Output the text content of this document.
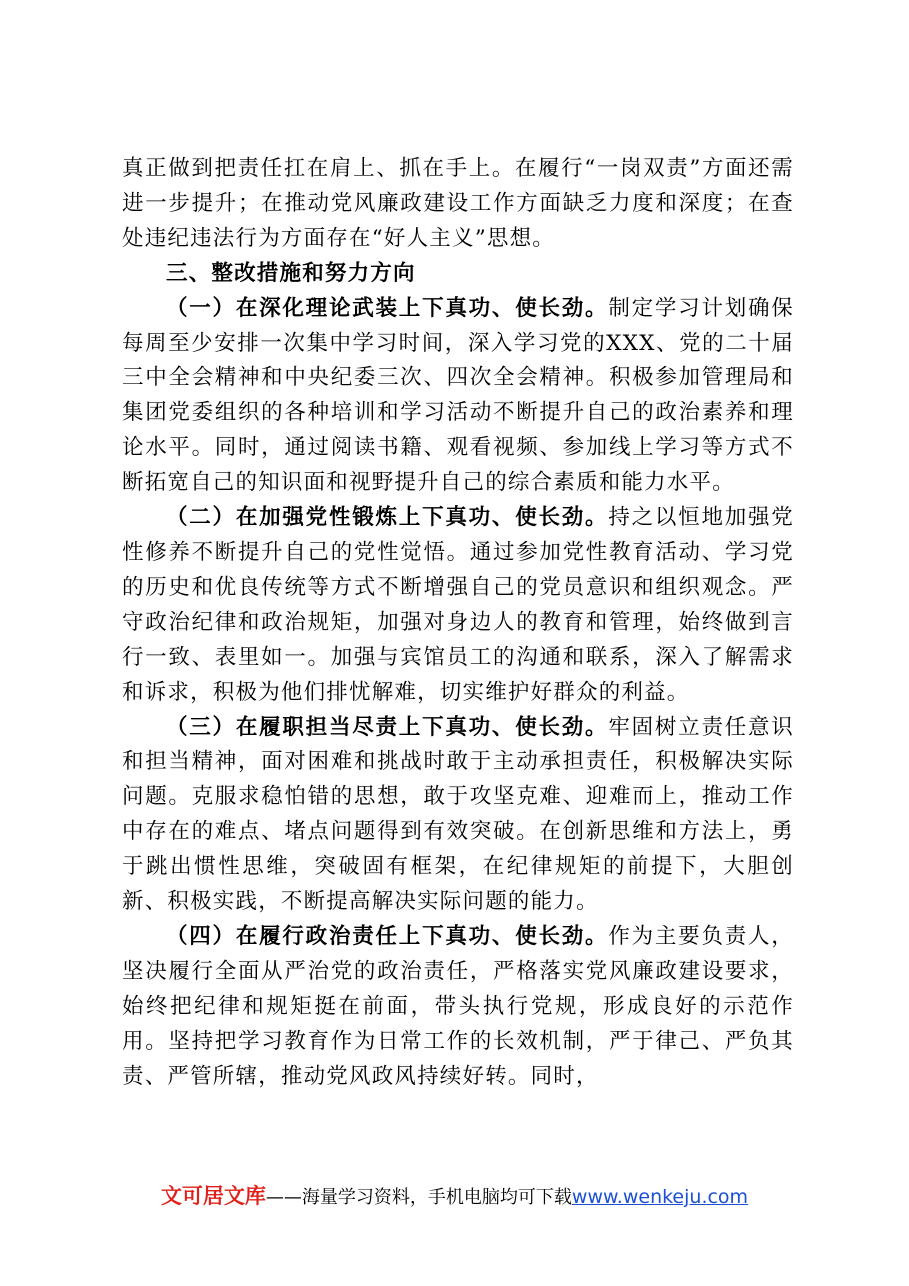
真正做到把责任扛在肩上、抓在手上。在履行“一岗双责”方面还需进一步提升；在推动党风廉政建设工作方面缺乏力度和深度；在查处违纪违法行为方面存在“好人主义”思想。

三、整改措施和努力方向

（一）在深化理论武装上下真功、使长劲。制定学习计划确保每周至少安排一次集中学习时间，深入学习党的XXX、党的二十届三中全会精神和中央纪委三次、四次全会精神。积极参加管理局和集团党委组织的各种培训和学习活动不断提升自己的政治素养和理论水平。同时，通过阅读书籍、观看视频、参加线上学习等方式不断拓宽自己的知识面和视野提升自己的综合素质和能力水平。

（二）在加强党性锻炼上下真功、使长劲。持之以恒地加强党性修养不断提升自己的党性觉悟。通过参加党性教育活动、学习党的历史和优良传统等方式不断增强自己的党员意识和组织观念。严守政治纪律和政治规矩，加强对身边人的教育和管理，始终做到言行一致、表里如一。加强与宾馆员工的沟通和联系，深入了解需求和诉求，积极为他们排忧解难，切实维护好群众的利益。

（三）在履职担当尽责上下真功、使长劲。牢固树立责任意识和担当精神，面对困难和挑战时敢于主动承担责任，积极解决实际问题。克服求稳怕错的思想，敢于攻坚克难、迎难而上，推动工作中存在的难点、堵点问题得到有效突破。在创新思维和方法上，勇于跳出惯性思维，突破固有框架，在纪律规矩的前提下，大胆创新、积极实践，不断提高解决实际问题的能力。

（四）在履行政治责任上下真功、使长劲。作为主要负责人，坚决履行全面从严治党的政治责任，严格落实党风廉政建设要求，始终把纪律和规矩挺在前面，带头执行党规，形成良好的示范作用。坚持把学习教育作为日常工作的长效机制，严于律己、严负其责、严管所辖，推动党风政风持续好转。同时，

文可居文库——海量学习资料，手机电脑均可下载www.wenkeju.com
